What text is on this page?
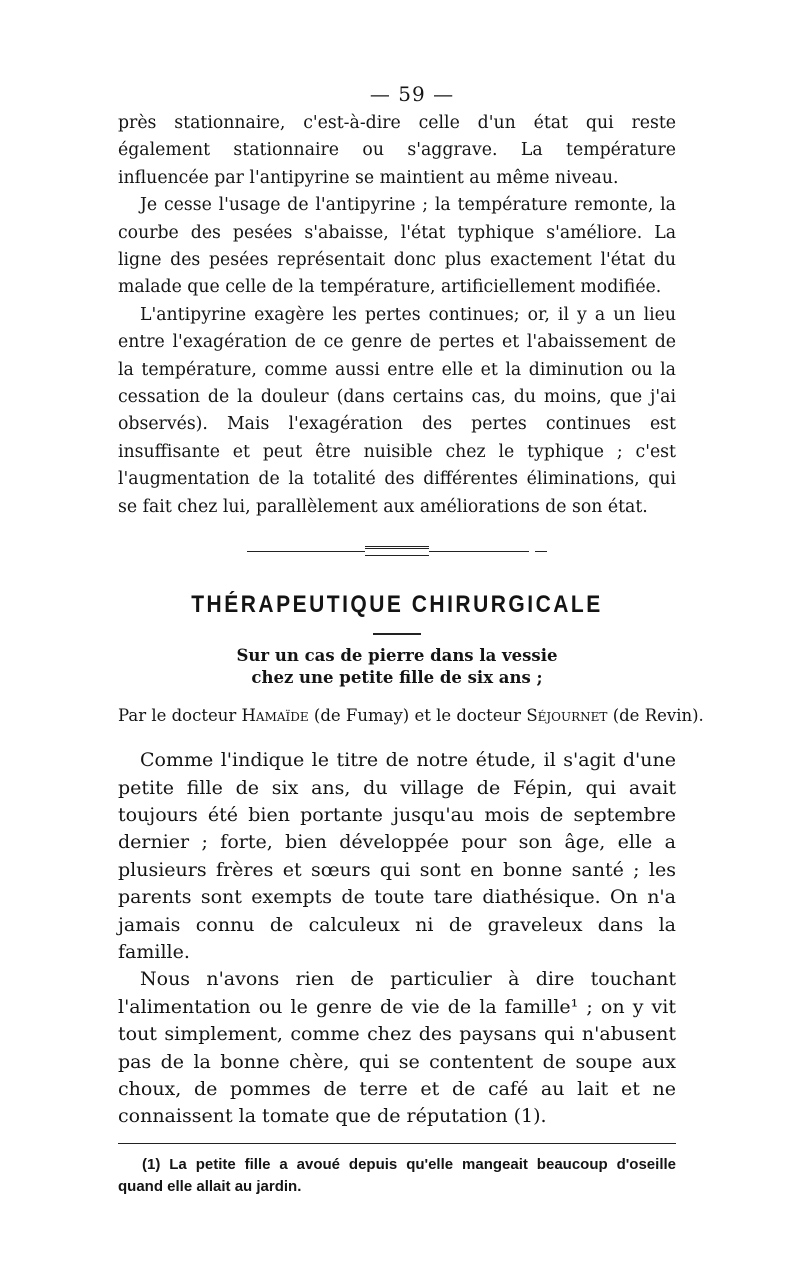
— 59 —

près stationnaire, c'est-à-dire celle d'un état qui reste également stationnaire ou s'aggrave. La température influencée par l'antipyrine se maintient au même niveau.

Je cesse l'usage de l'antipyrine ; la température remonte, la courbe des pesées s'abaisse, l'état typhique s'améliore. La ligne des pesées représentait donc plus exactement l'état du malade que celle de la température, artificiellement modifiée.

L'antipyrine exagère les pertes continues; or, il y a un lieu entre l'exagération de ce genre de pertes et l'abaissement de la température, comme aussi entre elle et la diminution ou la cessation de la douleur (dans certains cas, du moins, que j'ai observés). Mais l'exagération des pertes continues est insuffisante et peut être nuisible chez le typhique ; c'est l'augmentation de la totalité des différentes éliminations, qui se fait chez lui, parallèlement aux améliorations de son état.

THÉRAPEUTIQUE CHIRURGICALE
Sur un cas de pierre dans la vessie
chez une petite fille de six ans ;
Par le docteur Hamaïde (de Fumay) et le docteur Séjournet (de Revin).

Comme l'indique le titre de notre étude, il s'agit d'une petite fille de six ans, du village de Fépin, qui avait toujours été bien portante jusqu'au mois de septembre dernier ; forte, bien développée pour son âge, elle a plusieurs frères et sœurs qui sont en bonne santé ; les parents sont exempts de toute tare diathésique. On n'a jamais connu de calculeux ni de graveleux dans la famille.

Nous n'avons rien de particulier à dire touchant l'alimentation ou le genre de vie de la famille¹ ; on y vit tout simplement, comme chez des paysans qui n'abusent pas de la bonne chère, qui se contentent de soupe aux choux, de pommes de terre et de café au lait et ne connaissent la tomate que de réputation (1).

(1) La petite fille a avoué depuis qu'elle mangeait beaucoup d'oseille quand elle allait au jardin.
